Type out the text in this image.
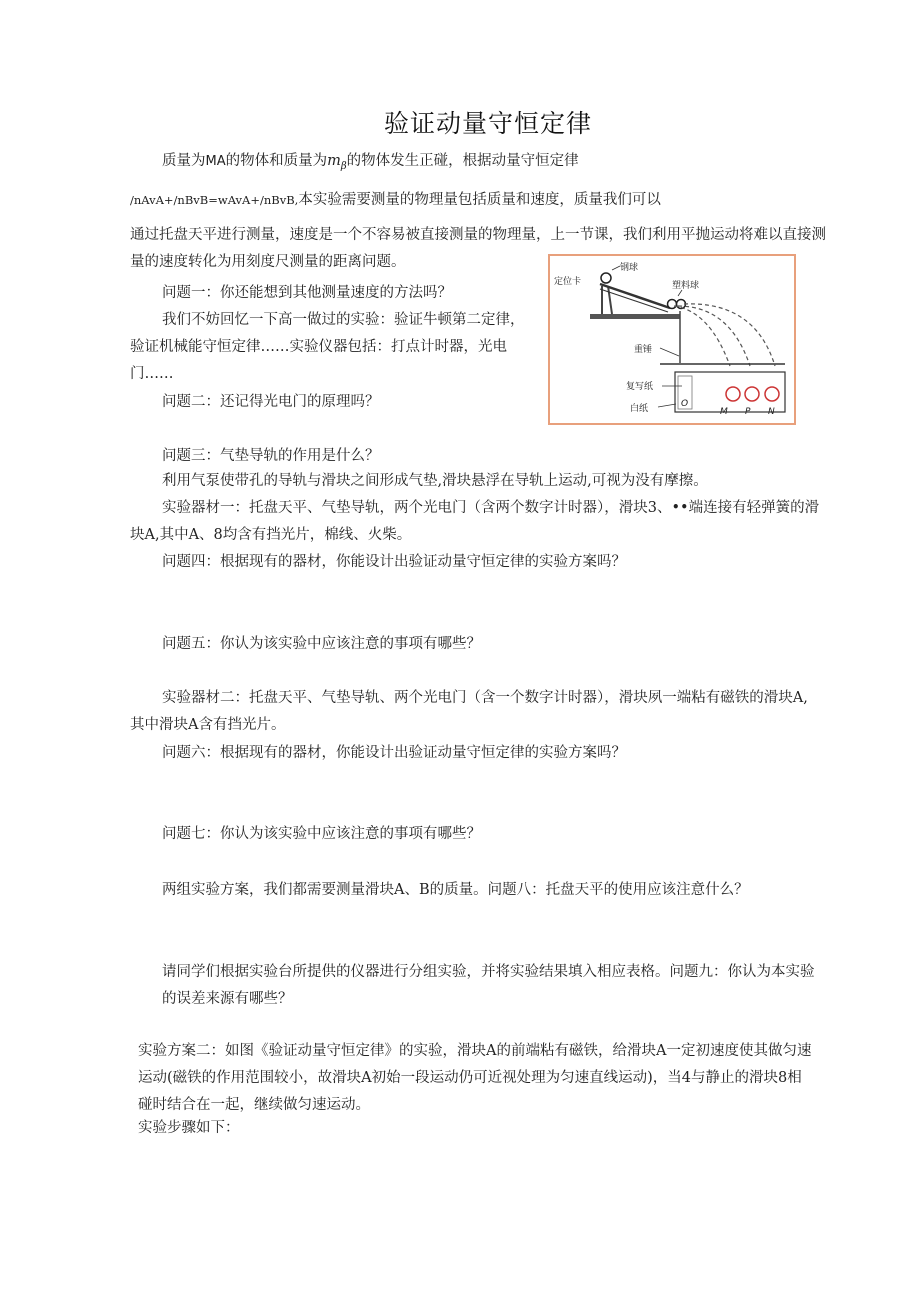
验证动量守恒定律
质量为MA的物体和质量为$m_\beta$的物体发生正碰，根据动量守恒定律
/nAvA+/nBvB=wAvA+/nBvB,本实验需要测量的物理量包括质量和速度，质量我们可以
通过托盘天平进行测量，速度是一个不容易被直接测量的物理量，上一节课，我们利用平抛运动将难以直接测
量的速度转化为用刻度尺测量的距离问题。
问题一：你还能想到其他测量速度的方法吗？
我们不妨回忆一下高一做过的实验：验证牛顿第二定律，
验证机械能守恒定律……实验仪器包括：打点计时器，光电
门……
问题二：还记得光电门的原理吗？
问题三：气垫导轨的作用是什么？
利用气泵使带孔的导轨与滑块之间形成气垫,滑块悬浮在导轨上运动,可视为没有摩擦。
实验器材一：托盘天平、气垫导轨，两个光电门（含两个数字计时器），滑块3、••端连接有轻弹簧的滑
块A,其中A、8均含有挡光片，棉线、火柴。
问题四：根据现有的器材，你能设计出验证动量守恒定律的实验方案吗？
问题五：你认为该实验中应该注意的事项有哪些？
实验器材二：托盘天平、气垫导轨、两个光电门（含一个数字计时器），滑块夙一端粘有磁铁的滑块A,
其中滑块A含有挡光片。
问题六：根据现有的器材，你能设计出验证动量守恒定律的实验方案吗？
问题七：你认为该实验中应该注意的事项有哪些？
两组实验方案，我们都需要测量滑块A、B的质量。问题八：托盘天平的使用应该注意什么？
请同学们根据实验台所提供的仪器进行分组实验，并将实验结果填入相应表格。问题九：你认为本实验
的误差来源有哪些？
实验方案二：如图《验证动量守恒定律》的实验，滑块A的前端粘有磁铁，给滑块A一定初速度使其做匀速
运动(磁铁的作用范围较小，故滑块A初始一段运动仍可近视处理为匀速直线运动)，当4与静止的滑块8相
碰时结合在一起，继续做匀速运动。
实验步骤如下：
定位卡
钢球
塑料球
重锤
复写纸
白纸	O
M P N
